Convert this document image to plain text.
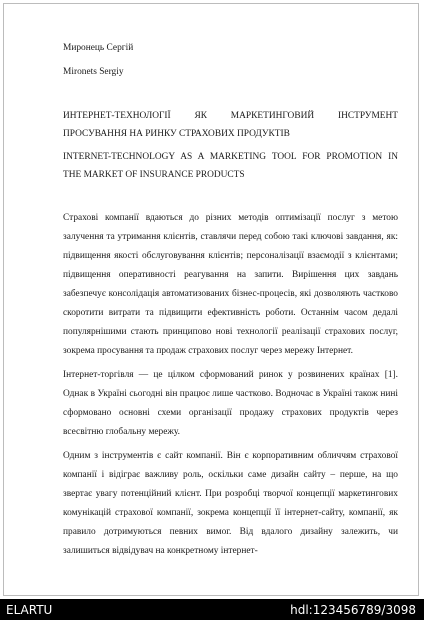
Миронець Сергій

Mironets Sergiy

ИНТЕРНЕТ-ТЕХНОЛОГІЇ ЯК МАРКЕТИНГОВИЙ ІНСТРУМЕНТ

ПРОСУВАННЯ НА РИНКУ СТРАХОВИХ ПРОДУКТІВ

INTERNET-TECHNOLOGY AS A MARKETING TOOL FOR PROMOTION IN

THE MARKET OF INSURANCE PRODUCTS

Страхові компанії вдаються до різних методів оптимізації послуг з метою залучення та утримання клієнтів, ставлячи перед собою такі ключові завдання, як: підвищення якості обслуговування клієнтів; персоналізації взаємодії з клієнтами; підвищення оперативності реагування на запити. Вирішення цих завдань забезпечує консолідація автоматизованих бізнес-процесів, які дозволяють частково скоротити витрати та підвищити ефективність роботи. Останнім часом дедалі популярнішими стають принципово нові технології реалізації страхових послуг, зокрема просування та продаж страхових послуг через мережу Інтернет.

Інтернет-торгівля — це цілком сформований ринок у розвинених країнах [1]. Однак в Україні сьогодні він працює лише частково. Водночас в Україні також нині сформовано основні схеми організації продажу страхових продуктів через всесвітню глобальну мережу.

Одним з інструментів є сайт компанії. Він є корпоративним обличчям страхової компанії і відіграє важливу роль, оскільки саме дизайн сайту – перше, на що звертає увагу потенційний клієнт. При розробці творчої концепції маркетингових комунікацій страхової компанії, зокрема концепції її інтернет-сайту, компанії, як правило дотримуються певних вимог. Від вдалого дизайну залежить, чи залишиться відвідувач на конкретному інтернет-

ELARTU	hdl:123456789/3098
